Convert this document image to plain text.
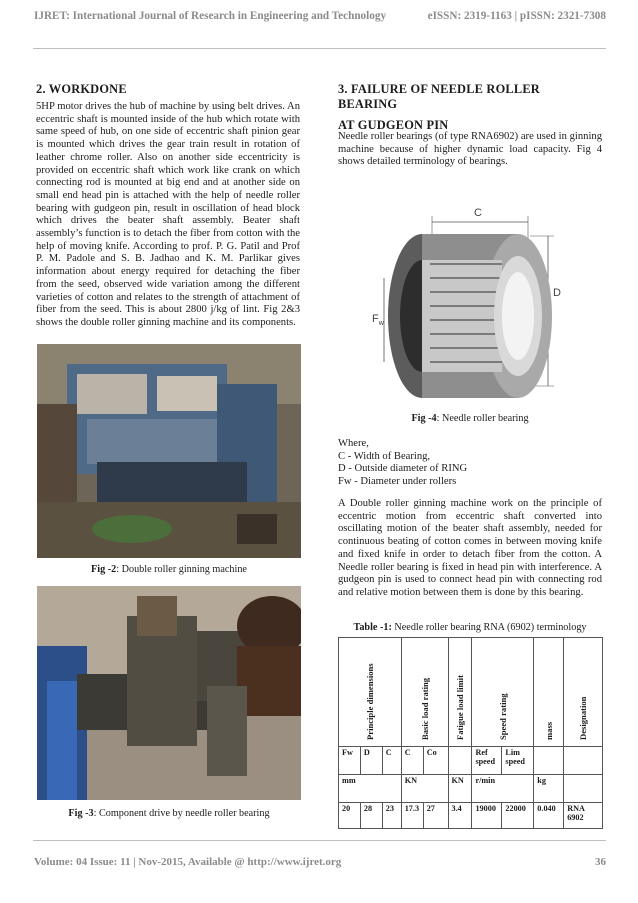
IJRET: International Journal of Research in Engineering and Technology	eISSN: 2319-1163 | pISSN: 2321-7308
2. WORKDONE
5HP motor drives the hub of machine by using belt drives. An eccentric shaft is mounted inside of the hub which rotate with same speed of hub, on one side of eccentric shaft pinion gear is mounted which drives the gear train result in rotation of leather chrome roller. Also on another side eccentricity is provided on eccentric shaft which work like crank on which connecting rod is mounted at big end and at another side on small end head pin is attached with the help of needle roller bearing with gudgeon pin, result in oscillation of head block which drives the beater shaft assembly. Beater shaft assembly’s function is to detach the fiber from cotton with the help of moving knife. According to prof. P. G. Patil and Prof P. M. Padole and S. B. Jadhao and K. M. Parlikar gives information about energy required for detaching the fiber from the seed, observed wide variation among the different varieties of cotton and relates to the strength of attachment of fiber from the seed. This is about 2800 j/kg of lint. Fig 2&3 shows the double roller ginning machine and its components.
Fig -2: Double roller ginning machine
Fig -3: Component drive by needle roller bearing
3. FAILURE OF NEEDLE ROLLER BEARING
AT GUDGEON PIN
Needle roller bearings (of type RNA6902) are used in ginning machine because of higher dynamic load capacity. Fig 4 shows detailed terminology of bearings.
C
D
$F_w$
Fig -4: Needle roller bearing
Where,
C - Width of Bearing,
D - Outside diameter of RING
Fw - Diameter under rollers
A Double roller ginning machine work on the principle of eccentric motion from eccentric shaft converted into oscillating motion of the beater shaft assembly, needed for continuous beating of cotton comes in between moving knife and fixed knife in order to detach fiber from the cotton. A Needle roller bearing is fixed in head pin with interference. A gudgeon pin is used to connect head pin with connecting rod and relative motion between them is done by this bearing.
Table -1: Needle roller bearing RNA (6902) terminology
Principle dimensions			Basic load rating		Fatigue load limit	Speed rating		mass	Designation

Fw	D	C	C	Co		Ref speed	Lim speed		
mm			KN		KN	r/min		kg	
20	28	23	17.3	27	3.4	19000	22000	0.040	RNA 6902
Volume: 04 Issue: 11 | Nov-2015, Available @ http://www.ijret.org	36
